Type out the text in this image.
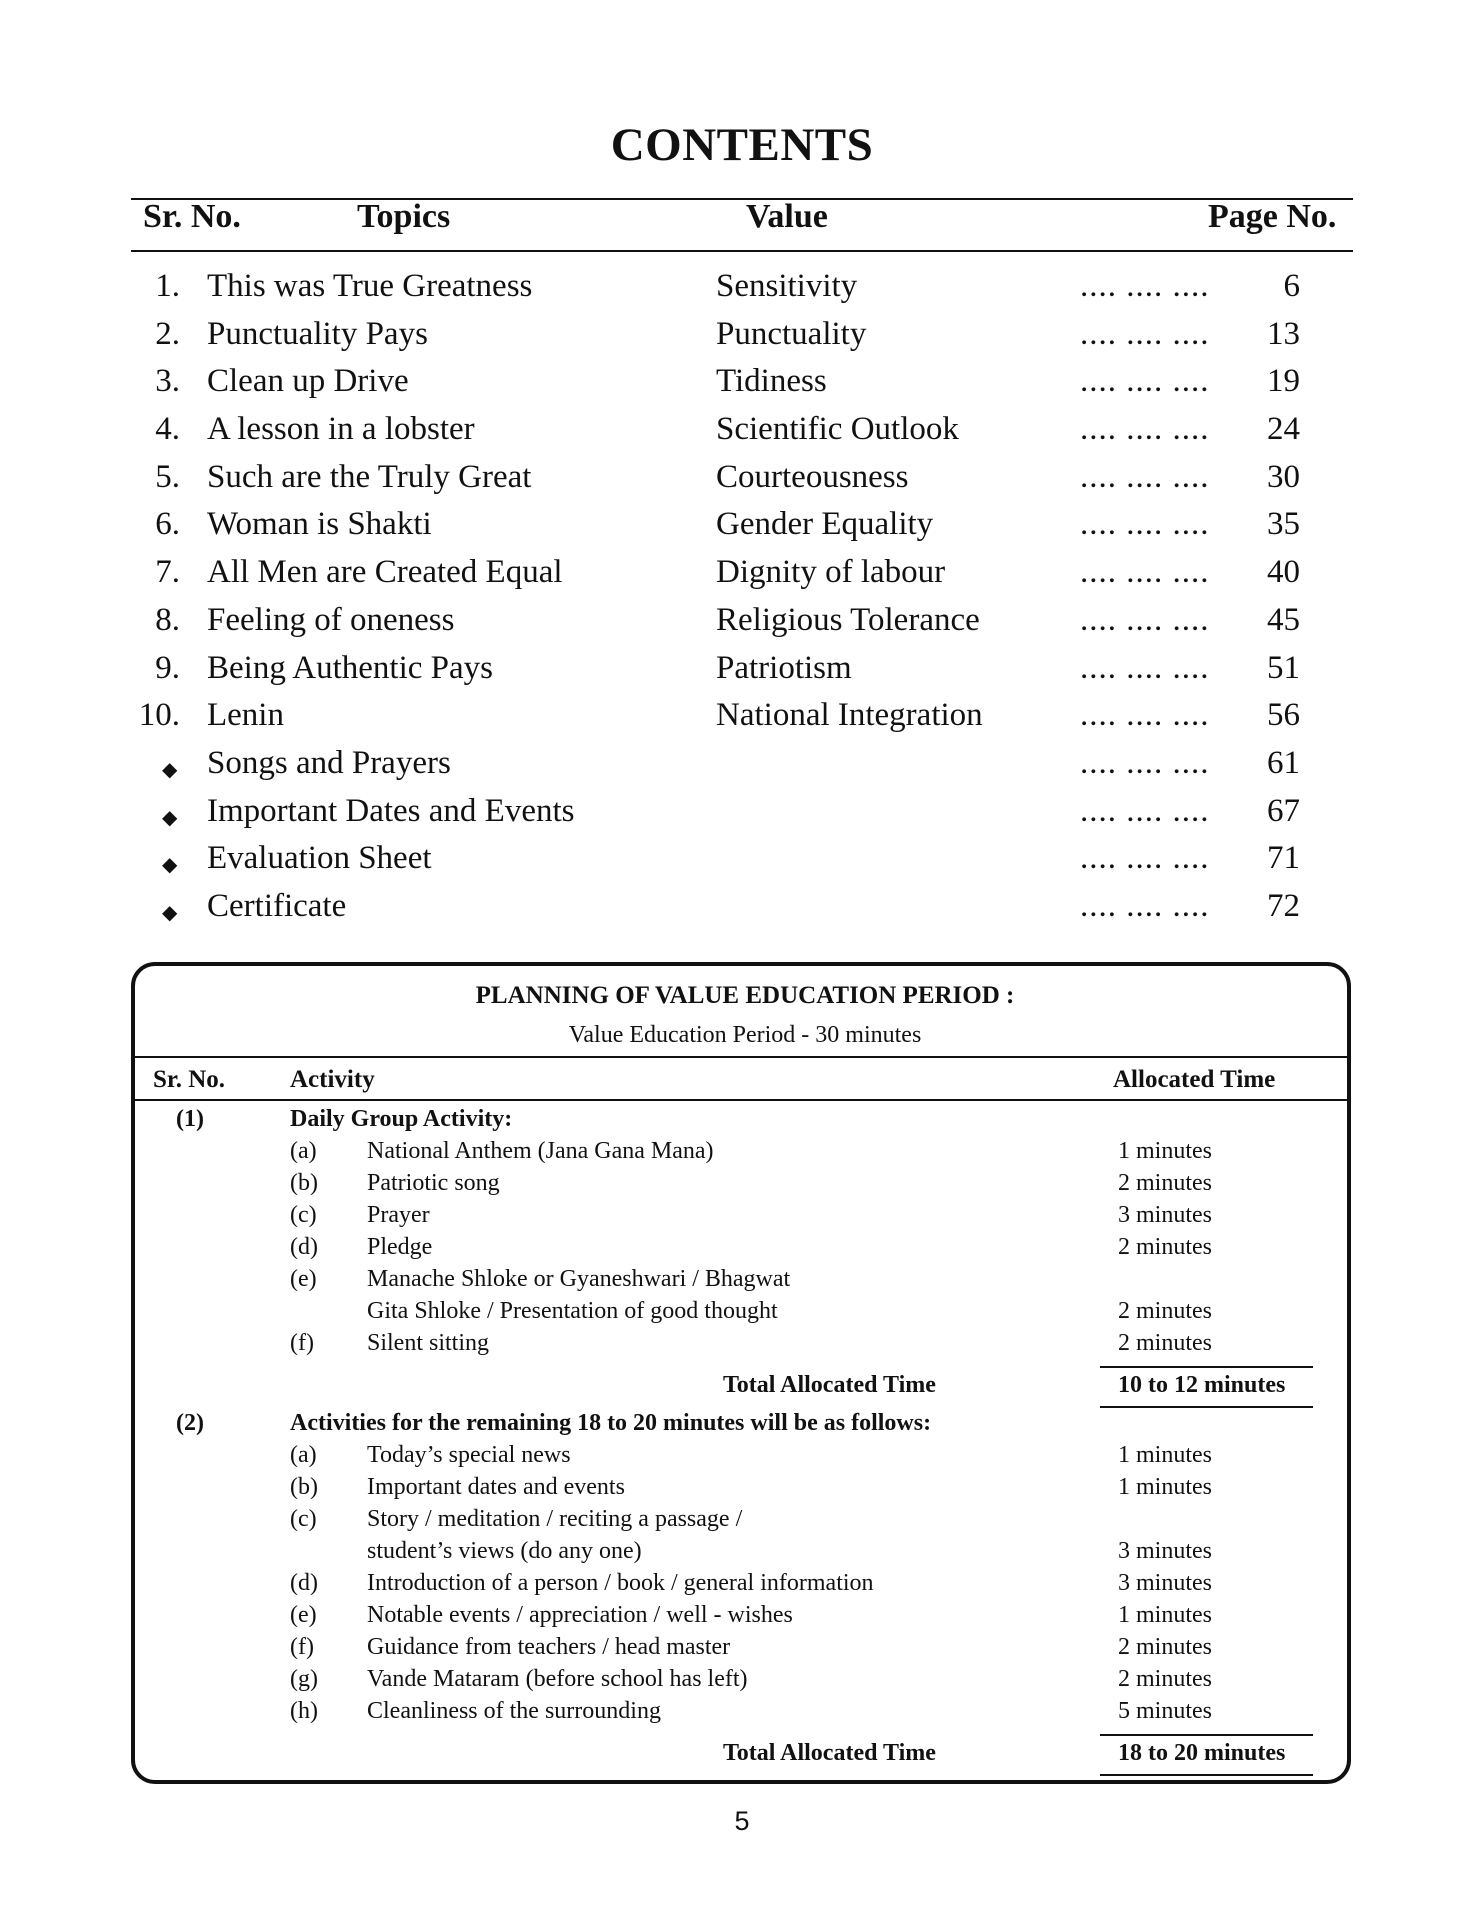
CONTENTS
Sr. No.	Topics	Value	Page No.
1. This was True Greatness	Sensitivity	.... .... ....	6
2. Punctuality Pays	Punctuality	.... .... ....	13
3. Clean up Drive	Tidiness	.... .... ....	19
4. A lesson in a lobster	Scientific Outlook	.... .... ....	24
5. Such are the Truly Great	Courteousness	.... .... ....	30
6. Woman is Shakti	Gender Equality	.... .... ....	35
7. All Men are Created Equal	Dignity of labour	.... .... ....	40
8. Feeling of oneness	Religious Tolerance	.... .... ....	45
9. Being Authentic Pays	Patriotism	.... .... ....	51
10. Lenin	National Integration	.... .... ....	56
◆ Songs and Prayers	.... .... ....	61
◆ Important Dates and Events	.... .... ....	67
◆ Evaluation Sheet	.... .... ....	71
◆ Certificate	.... .... ....	72
PLANNING OF VALUE EDUCATION PERIOD :
Value Education Period - 30 minutes
Sr. No.	Activity	Allocated Time
(1)	Daily Group Activity:
(a) National Anthem (Jana Gana Mana)	1 minutes
(b) Patriotic song	2 minutes
(c) Prayer	3 minutes
(d) Pledge	2 minutes
(e) Manache Shloke or Gyaneshwari / Bhagwat
Gita Shloke / Presentation of good thought	2 minutes
(f) Silent sitting	2 minutes
Total Allocated Time	10 to 12 minutes
(2)	Activities for the remaining 18 to 20 minutes will be as follows:
(a) Today’s special news	1 minutes
(b) Important dates and events	1 minutes
(c) Story / meditation / reciting a passage /
student’s views (do any one)	3 minutes
(d) Introduction of a person / book / general information	3 minutes
(e) Notable events / appreciation / well - wishes	1 minutes
(f) Guidance from teachers / head master	2 minutes
(g) Vande Mataram (before school has left)	2 minutes
(h) Cleanliness of the surrounding	5 minutes
Total Allocated Time	18 to 20 minutes
5
